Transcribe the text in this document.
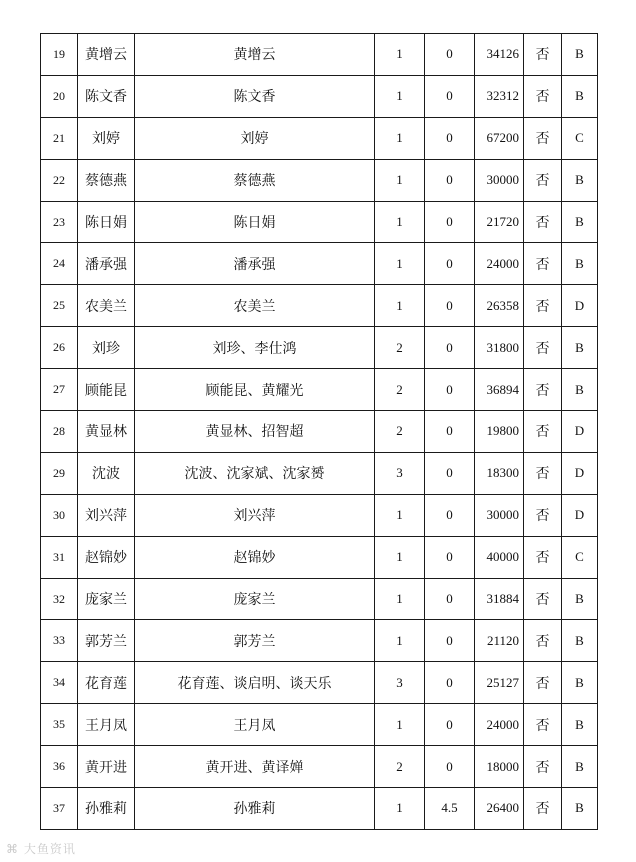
19	黄增云	黄增云	1	0	34126	否	B
20	陈文香	陈文香	1	0	32312	否	B
21	刘婷	刘婷	1	0	67200	否	C
22	蔡德燕	蔡德燕	1	0	30000	否	B
23	陈日娟	陈日娟	1	0	21720	否	B
24	潘承强	潘承强	1	0	24000	否	B
25	农美兰	农美兰	1	0	26358	否	D
26	刘珍	刘珍、李仕鸿	2	0	31800	否	B
27	顾能昆	顾能昆、黄耀光	2	0	36894	否	B
28	黄显林	黄显林、招智超	2	0	19800	否	D
29	沈波	沈波、沈家斌、沈家赟	3	0	18300	否	D
30	刘兴萍	刘兴萍	1	0	30000	否	D
31	赵锦妙	赵锦妙	1	0	40000	否	C
32	庞家兰	庞家兰	1	0	31884	否	B
33	郭芳兰	郭芳兰	1	0	21120	否	B
34	花育莲	花育莲、谈启明、谈天乐	3	0	25127	否	B
35	王月凤	王月凤	1	0	24000	否	B
36	黄开进	黄开进、黄译婵	2	0	18000	否	B
37	孙雅莉	孙雅莉	1	4.5	26400	否	B
⌘ 大鱼资讯
